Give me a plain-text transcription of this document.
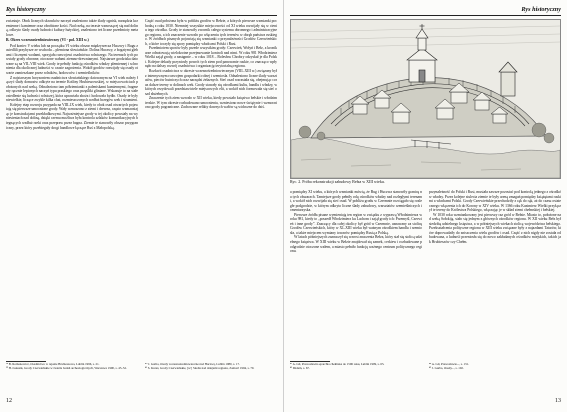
Rys historyczny

zwiastuje. Obok licznych skrawków naczyń znaleziono także ślady ognisk, narzędzia krzemienne i kamienne oraz obrobione kości. Nad rzeką, na terasie wznoszącej się nad doliną, odkryto ślady osady ludności kultury łużyckiej, znaleziono też liczne przedmioty metalowe.

B. Okres wczesnośredniowieczny (VI - pol. XIII w.)

Pod koniec V wieku lub na początku VI wieku obszar międzyrzecza Huczwy i Bugu zasiedlili przybysze ze wschodu – plemiona słowiańskie. Dolina Huczwy, z bogatymi glebami i licznymi wodami, sprzyjała rozwojowi osadnictwa rolniczego. Na terenach tych powstały grody obronne, otoczone wałami ziemno-drewnianymi. Najstarsze grodziska datowane są na VII–VIII wiek. Grody te pełniły funkcję ośrodków władzy plemiennej i schronienia dla okolicznej ludności w czasie zagrożenia. Wokół grodów rozwijały się osady otwarte zamieszkane przez rolników, hodowców i rzemieślników.

Z najstarszym horyzontem osadnictwa słowiańskiego datowanym na VI wiek należy łączyć ślady domostw odkryte na terenie Kotliny Hrubieszowskiej, w miejscowościach położonych nad rzeką. Odnaleziono tam półziemianki z paleniskami kamiennymi, fragmenty ręcznie lepionych naczyń typu praskiego oraz przęśliki gliniane. Wskazuje to na stałe osiedlenie się ludności rolniczej, która uprawiała zboża i hodowała bydło. Osady te były niewielkie, liczące zwykle kilka chat, rozmieszczonych wzdłuż brzegów rzek i strumieni.

Kolejny etap rozwoju przypada na VIII–IX wiek, kiedy to obok osad otwartych pojawiają się pierwsze umocnione grody. Wały wznoszono z ziemi i drewna, często wzmacniając je konstrukcjami przekładkowymi. Najważniejsze grody w tej okolicy powstały na wyniesieniach nad doliną, dzięki czemu możliwa była kontrola szlaków komunikacyjnych biegnących wzdłuż rzeki oraz przepraw przez bagna. Ziemie te stanowiły obszar przygraniczny, przez który przebiegały drogi handlowe łączące Ruś z Małopolską.

Część osad położona była w pobliżu grodów w Bełzie, a których pierwsze wzmianki pochodzą z roku 1030. Niemniej wszystkie miejscowości od XI wieku rozwijały się w cieniu tego ośrodka. Grody te stanowiły zwornik całego systemu obronnego i administracyjnego regionu, a ich znaczenie wzrosło po włączeniu tych terenów w obręb państwa ruskiego. W źródłach pisanych pojawiają się wzmianki o przynależności Grodów Czerwieńskich, o które toczyły się spory pomiędzy władcami Polski i Rusi.

Przedmiotem sporów były przede wszystkim grody: Czerwień, Wołyń i Bełz, a kronikarze odnotowują wielokrotne przejmowanie kontroli nad nimi. W roku 981 Włodzimierz Wielki zajął grody, a następnie – w roku 1018 – Bolesław Chrobry odzyskał je dla Polski. Kolejne dekady przyniosły powrót tych ziem pod panowanie ruskie, co znacząco wpłynęło na dalszy rozwój osadnictwa i organizację terytorialną regionu.

Rozkwit osadnictwa w okresie wczesnośredniowiecznym (VIII–XIII w.) związany był z intensywnym rozwojem gospodarki rolnej i rzemiosła. Odnaleziono liczne ślady warsztatów, pieców hutniczych oraz narzędzi żelaznych. Sieć osad rozrastała się, obejmując coraz dalsze tereny w dolinach rzek. Grody stawały się ośrodkami kultu, handlu i władzy, w których rezydowali przedstawiciele miejscowych elit, a wokół nich formowała się sieć osad służebnych.

Znaczenie tych ziem wzrosło w XII wieku, kiedy powstało księstwo bełskie i włodzimierskie. W tym okresie rozbudowano umocnienia, wzniesiono nowe świątynie i wzmocniono grody pograniczne. Zachowane relikty dawnych wałów są widoczne do dziś.

³⁸ B. Romanowicz, Osadnictwo w rejonie Hrubieszowa, Lublin 1996, s. 21.
³⁹ H. Łukasik, Grody Czerwieńskie w świetle badań archeologicznych, Warszawa 1990, s. 45–52.
⁴⁰ J. Gurba, Osady wczesnośredniowieczne nad Huczwą, Lublin 1980, s. 17.
⁴¹ S. Kuraś, Grody Czerwieńskie, [w:] Studia nad dziejami regionu, Zamość 1994, s. 70.
12
Rys historyczny
Ryc. 2. Próba rekonstrukcji zabudowy Bełza w XIII wieku.

a pomiędzy XI wieku, a których wzmianki mówią, że Bug i Huczwa stanowiły granicę na tych obszarach. Tamtejsze grody pełniły rolę ośrodków władzy nad rozległymi terenami, a wokół nich rozwijała się sieć osad. W pobliżu grodu w Czermnie rozciągało się rozległe podgrodzie, w którym odkryto liczne ślady zabudowy, warsztatów rzemieślniczych i cmentarzyska.

Pierwsze źródła pisane wymieniają ten region w związku z wyprawą Włodzimierza w roku 981, kiedy to „poszedł Włodzimierz ku Lachom i zajął grody ich: Przemyśl, Czerwień i inne grody”. Znaczący dla całej okolicy był gród w Czermnie, uznawany za stolicę Grodów Czerwieńskich, który w XI–XIII wieku był ważnym ośrodkiem handlu i rzemiosła, a także miejscem wymiany towarów pomiędzy Rusią a Polską.

W latach późniejszych zaznaczył się wzrost znaczenia Bełza, który stał się stolicą udzielnego księstwa. W XIII wieku w Bełzie znajdował się zamek, cerkiew i rozbudowane podgrodzie otoczone wałem, a miasto pełniło funkcję ważnego centrum politycznego regionu.

przynależność do Polski i Rusi, musiała zawsze pozostać pod kontrolą jednego z ośrodków władzy. Przez kolejne stulecia ziemie te były areną zmagań pomiędzy książętami ruskimi a władcami Polski. Grody Czerwieńskie przechodziły z rąk do rąk, aż do czasu ostatecznego włączenia ich do Korony w XIV wieku. W 1366 roku Kazimierz Wielki przyłączył te tereny do Królestwa Polskiego, włączając je w skład ziemi chełmskiej i bełskiej.

W 1030 roku wzmiankowany jest pierwszy raz gród w Bełzie. Miasto to, położone nad rzeką Sołokiją, stało się jednym z głównych ośrodków regionu. W XII wieku Bełz był siedzibą udzielnego księstwa, a w późniejszych wiekach stolicą województwa bełskiego. Przekształcenia polityczne regionu w XIII wieku związane były z najazdami Tatarów, które doprowadziły do zniszczenia wielu grodów i osad. Część z nich nigdy nie została odbudowana, a ludność przeniosła się do nowo zakładanych ośrodków miejskich, takich jak Hrubieszów czy Chełm.

⁴² A. Gil, Prawosławna eparchia chełmska do 1596 roku, Lublin 1999, s. 65.
⁴³ Ibidem, s. 67.
⁴⁴ A. Gil, Prawosławie..., s. 131.
⁴⁵ J. Gurba, Osady..., s. 102.
13
